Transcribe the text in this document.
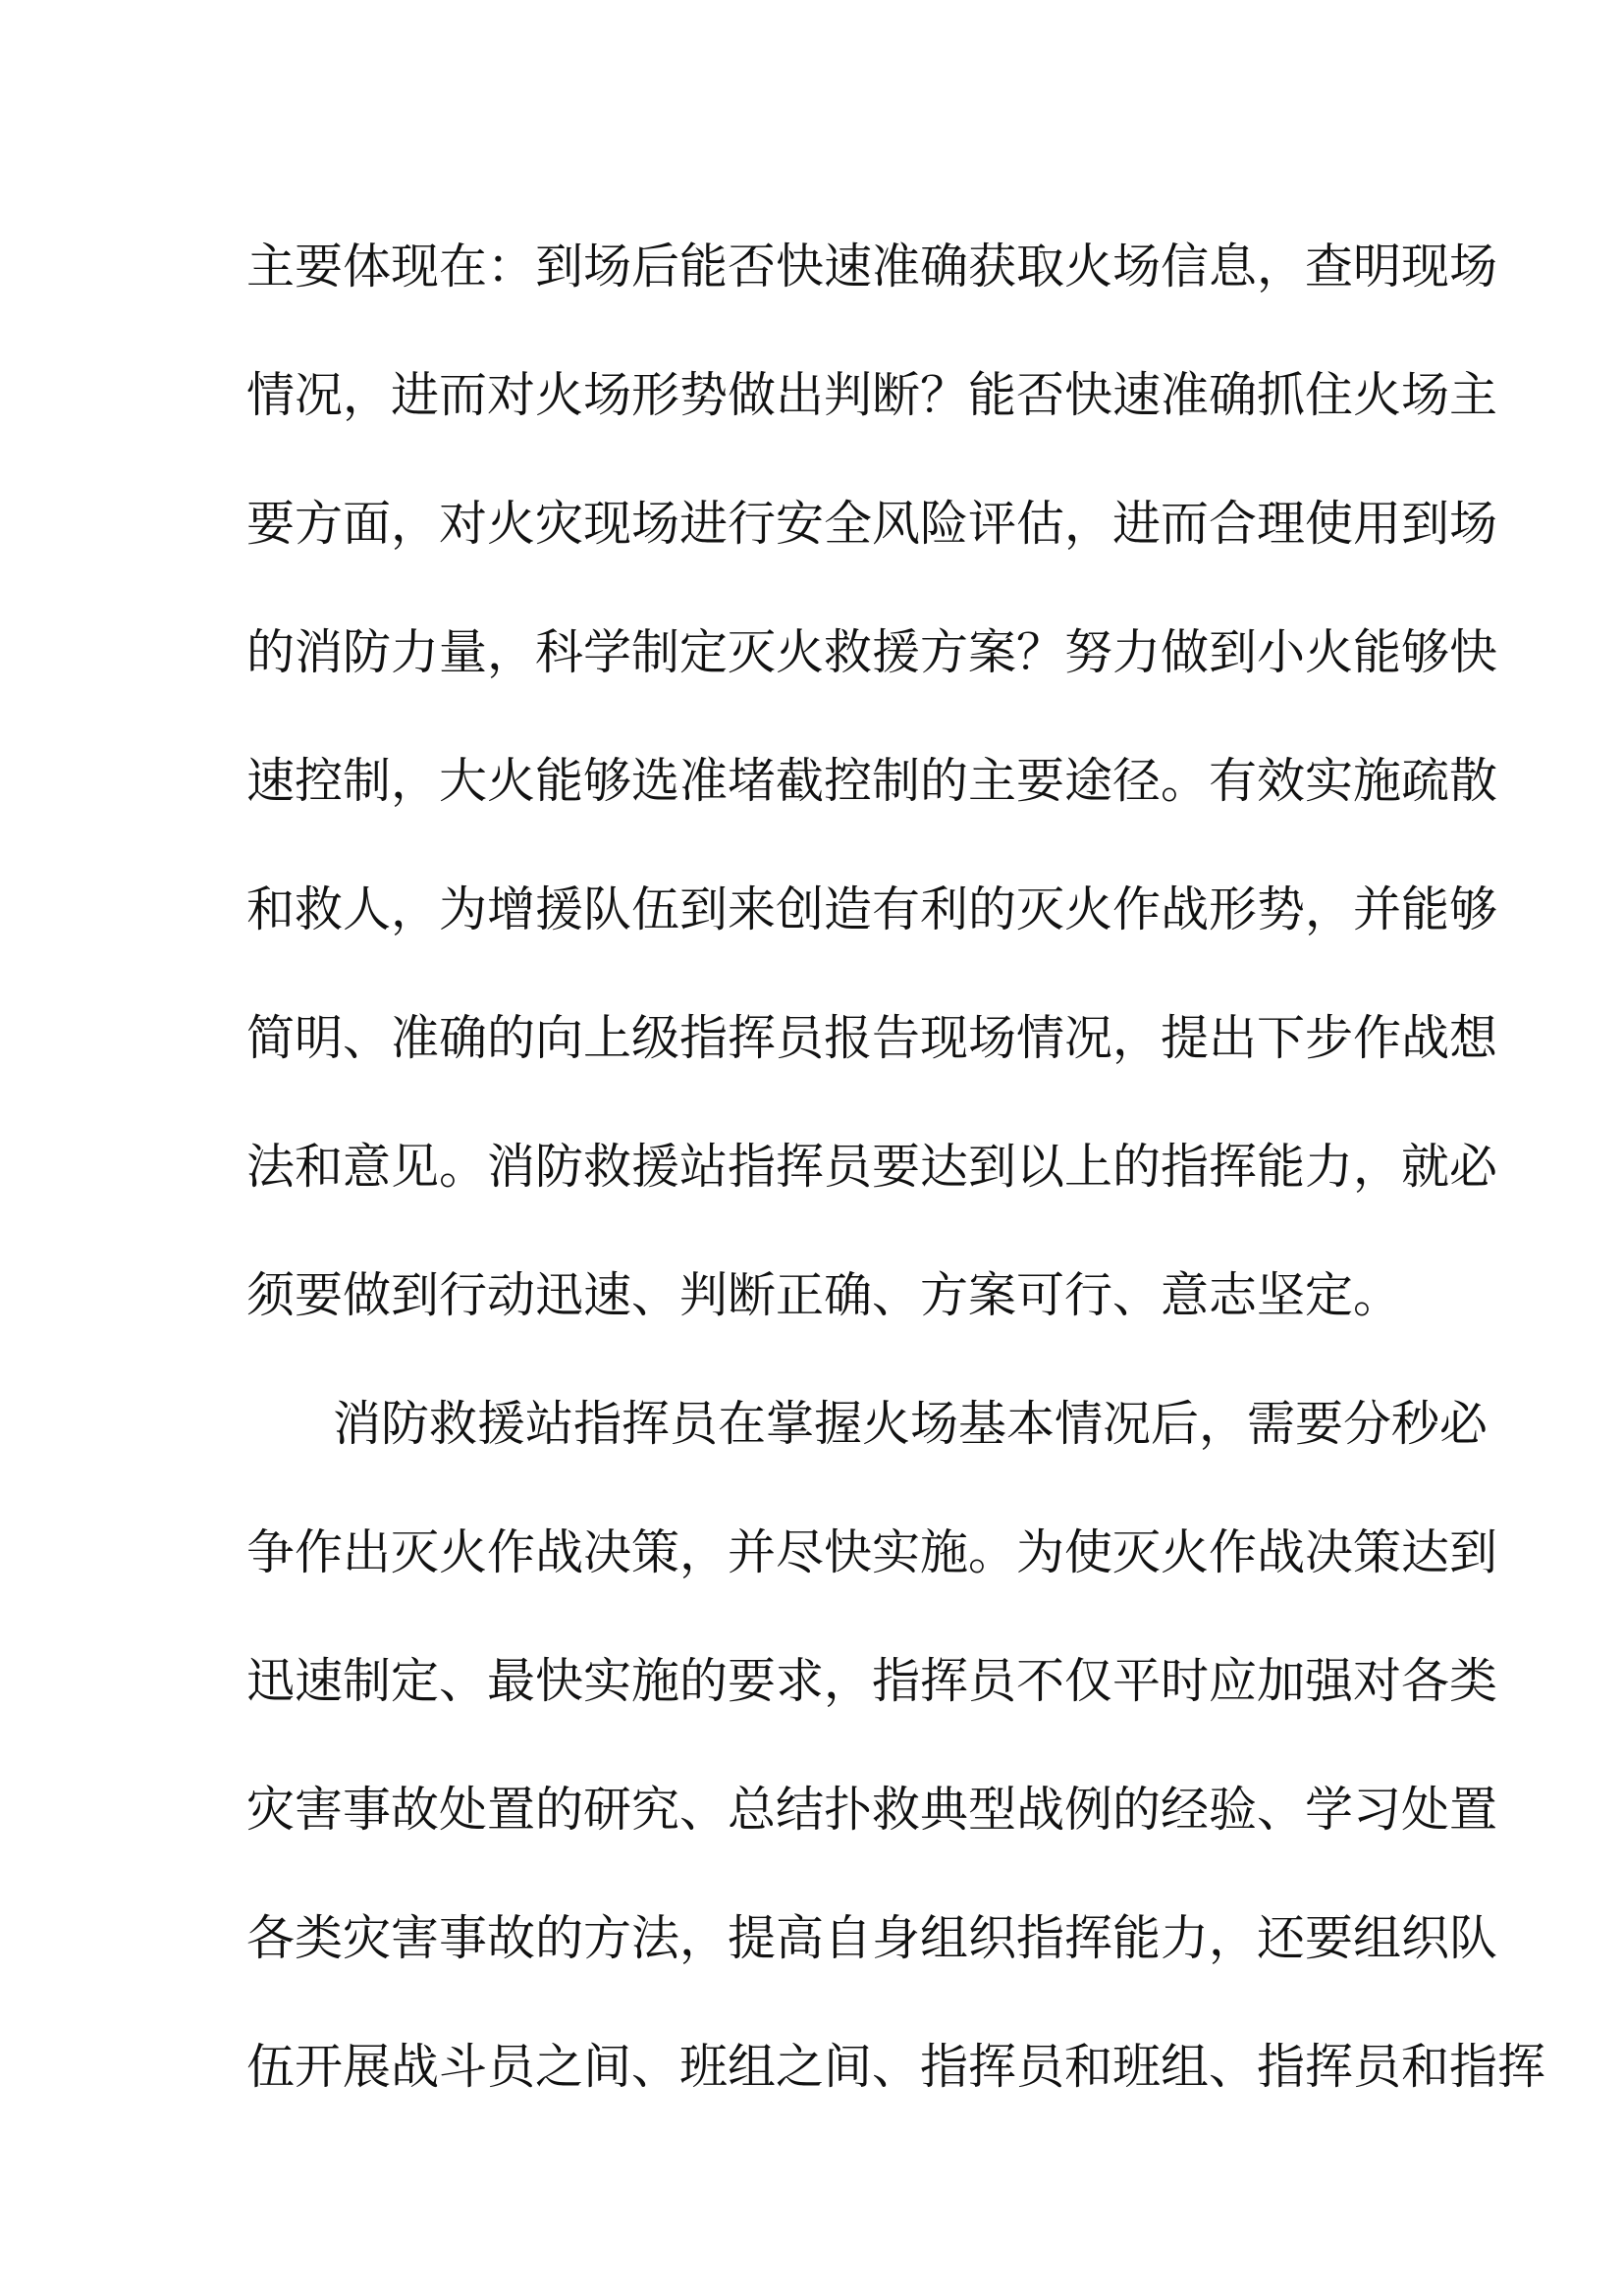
主要体现在：到场后能否快速准确获取火场信息，查明现场
情况，进而对火场形势做出判断？能否快速准确抓住火场主
要方面，对火灾现场进行安全风险评估，进而合理使用到场
的消防力量，科学制定灭火救援方案？努力做到小火能够快
速控制，大火能够选准堵截控制的主要途径。有效实施疏散
和救人，为增援队伍到来创造有利的灭火作战形势，并能够
简明、准确的向上级指挥员报告现场情况，提出下步作战想
法和意见。消防救援站指挥员要达到以上的指挥能力，就必
须要做到行动迅速、判断正确、方案可行、意志坚定。
消防救援站指挥员在掌握火场基本情况后，需要分秒必
争作出灭火作战决策，并尽快实施。为使灭火作战决策达到
迅速制定、最快实施的要求，指挥员不仅平时应加强对各类
灾害事故处置的研究、总结扑救典型战例的经验、学习处置
各类灾害事故的方法，提高自身组织指挥能力，还要组织队
伍开展战斗员之间、班组之间、指挥员和班组、指挥员和指挥
